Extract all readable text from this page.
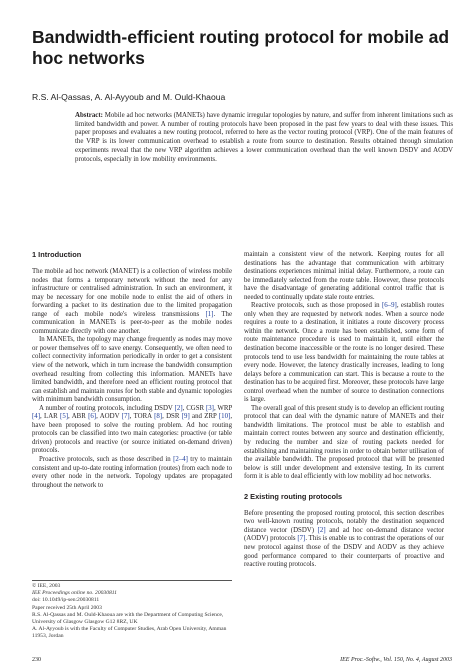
Bandwidth-efficient routing protocol for mobile ad hoc networks
R.S. Al-Qassas, A. Al-Ayyoub and M. Ould-Khaoua

Abstract: Mobile ad hoc networks (MANETs) have dynamic irregular topologies by nature, and suffer from inherent limitations such as limited bandwidth and power. A number of routing protocols have been proposed in the past few years to deal with these issues. This paper proposes and evaluates a new routing protocol, referred to here as the vector routing protocol (VRP). One of the main features of the VRP is its lower communication overhead to establish a route from source to destination. Results obtained through simulation experiments reveal that the new VRP algorithm achieves a lower communication overhead than the well known DSDV and AODV protocols, especially in low mobility environments.

1 Introduction

The mobile ad hoc network (MANET) is a collection of wireless mobile nodes that forms a temporary network without the need for any infrastructure or centralised administration. In such an environment, it may be necessary for one mobile node to enlist the aid of others in forwarding a packet to its destination due to the limited propagation range of each mobile node's wireless transmissions [1]. The communication in MANETs is peer-to-peer as the mobile nodes communicate directly with one another.

In MANETs, the topology may change frequently as nodes may move or power themselves off to save energy. Consequently, we often need to collect connectivity information periodically in order to get a consistent view of the network, which in turn increase the bandwidth consumption overhead resulting from collecting this information. MANETs have limited bandwidth, and therefore need an efficient routing protocol that can establish and maintain routes for both stable and dynamic topologies with minimum bandwidth consumption.

A number of routing protocols, including DSDV [2], CGSR [3], WRP [4], LAR [5], ABR [6], AODV [7], TORA [8], DSR [9] and ZRP [10], have been proposed to solve the routing problem. Ad hoc routing protocols can be classified into two main categories: proactive (or table driven) protocols and reactive (or source initiated on-demand driven) protocols.

Proactive protocols, such as those described in [2–4] try to maintain consistent and up-to-date routing information (routes) from each node to every other node in the network. Topology updates are propagated throughout the network to

maintain a consistent view of the network. Keeping routes for all destinations has the advantage that communication with arbitrary destinations experiences minimal initial delay. Furthermore, a route can be immediately selected from the route table. However, these protocols have the disadvantage of generating additional control traffic that is needed to continually update stale route entries.

Reactive protocols, such as those proposed in [6–9], establish routes only when they are requested by network nodes. When a source node requires a route to a destination, it initiates a route discovery process within the network. Once a route has been established, some form of route maintenance procedure is used to maintain it, until either the destination become inaccessible or the route is no longer desired. These protocols tend to use less bandwidth for maintaining the route tables at every node. However, the latency drastically increases, leading to long delays before a communication can start. This is because a route to the destination has to be acquired first. Moreover, these protocols have large control overhead when the number of source to destination connections is large.

The overall goal of this present study is to develop an efficient routing protocol that can deal with the dynamic nature of MANETs and their bandwidth limitations. The protocol must be able to establish and maintain correct routes between any source and destination efficiently, by reducing the number and size of routing packets needed for establishing and maintaining routes in order to obtain better utilisation of the available bandwidth. The proposed protocol that will be presented below is still under development and extensive testing. In its current form it is able to deal efficiently with low mobility ad hoc networks.

2 Existing routing protocols

Before presenting the proposed routing protocol, this section describes two well-known routing protocols, notably the destination sequenced distance vector (DSDV) [2] and ad hoc on-demand distance vector (AODV) protocols [7]. This is enable us to contrast the operations of our new protocol against those of the DSDV and AODV as they achieve good performance compared to their counterparts of proactive and reactive routing protocols.

© IEE, 2003
IEE Proceedings online no. 20030811
doi: 10.1049/ip-sen:20030811
Paper received 25th April 2003
R.S. Al-Qassas and M. Ould-Khaoua are with the Department of Computing Science, University of Glasgow Glasgow G12 8RZ, UK
A. Al-Ayyoub is with the Faculty of Computer Studies, Arab Open University, Amman 11953, Jordan
230	IEE Proc.-Softw., Vol. 150, No. 4, August 2003
